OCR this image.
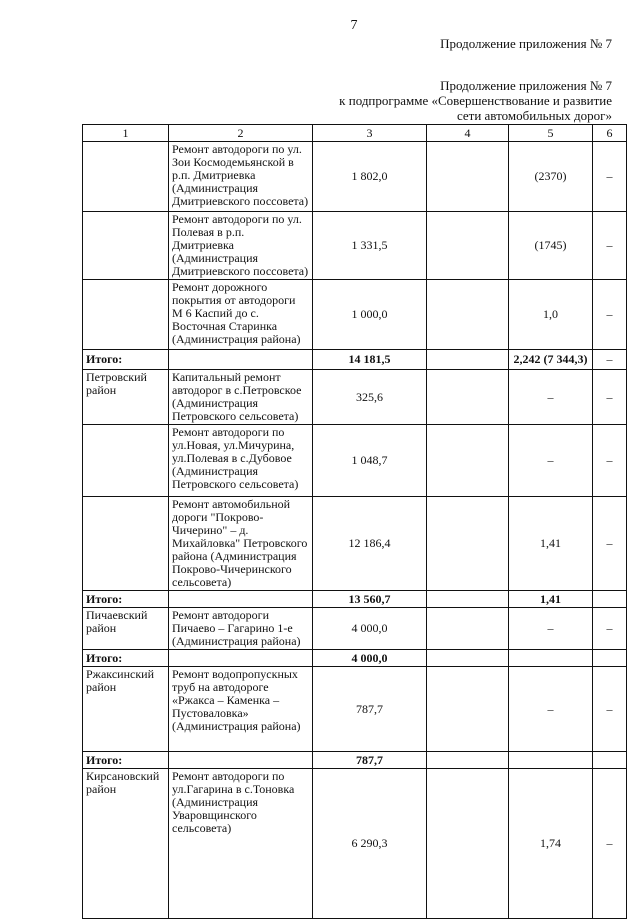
7
Продолжение приложения № 7
Продолжение приложения № 7
к подпрограмме «Совершенствование и развитие
сети автомобильных дорог»
1	2	3	4	5	6
	Ремонт автодороги по ул. Зои Космодемьянской в р.п. Дмитриевка (Администрация Дмитриевского поссовета)	1 802,0		(2370)	–
	Ремонт автодороги по ул. Полевая в р.п. Дмитриевка (Администрация Дмитриевского поссовета)	1 331,5		(1745)	–
	Ремонт дорожного покрытия от автодороги М 6 Каспий до с. Восточная Старинка (Администрация района)	1 000,0		1,0	–
Итого:		14 181,5		2,242 (7 344,3)	–
Петровский район	Капитальный ремонт автодорог в с.Петровское (Администрация Петровского сельсовета)	325,6		–	–
	Ремонт автодороги по ул.Новая, ул.Мичурина, ул.Полевая в с.Дубовое (Администрация Петровского сельсовета)	1 048,7		–	–
	Ремонт автомобильной дороги "Покрово-Чичерино" – д. Михайловка" Петровского района (Администрация Покрово-Чичеринского сельсовета)	12 186,4		1,41	–
Итого:		13 560,7		1,41	
Пичаевский район	Ремонт автодороги Пичаево – Гагарино 1-е (Администрация района)	4 000,0		–	–
Итого:		4 000,0			
Ржаксинский район	Ремонт водопропускных труб на автодороге «Ржакса – Каменка – Пустоваловка» (Администрация района)	787,7		–	–
Итого:		787,7			
Кирсановский район	Ремонт автодороги по ул.Гагарина в с.Тоновка (Администрация Уваровщинского сельсовета)	6 290,3		1,74	–
